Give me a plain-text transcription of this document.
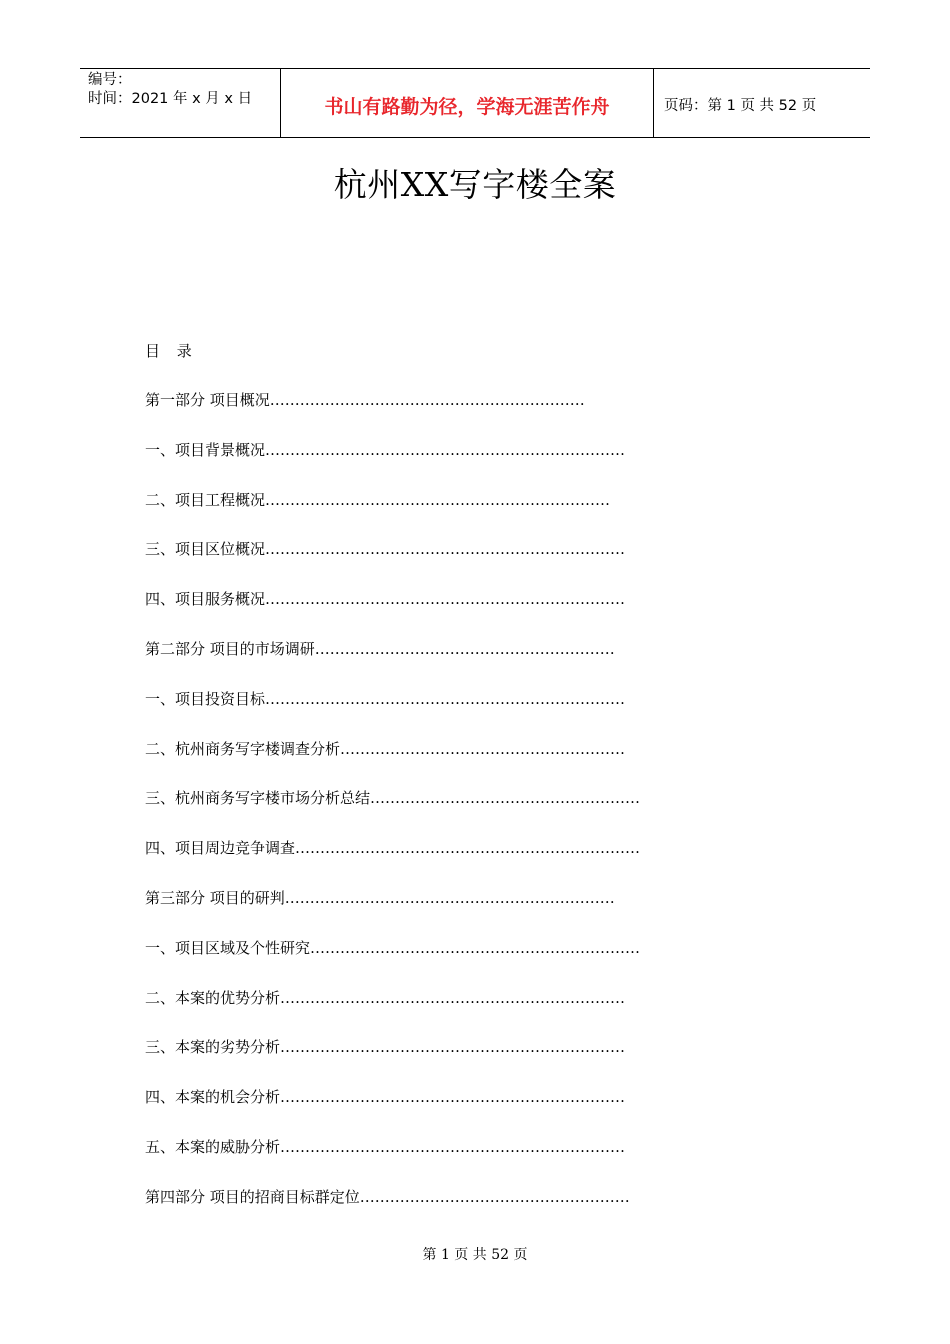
编号：
时间：2021 年 x 月 x 日	书山有路勤为径，学海无涯苦作舟	页码：第 1 页 共 52 页
杭州XX写字楼全案
目 录
第一部分 项目概况………………………………………………………
一、项目背景概况………………………………………………………………
二、项目工程概况……………………………………………………………
三、项目区位概况………………………………………………………………
四、项目服务概况………………………………………………………………
第二部分 项目的市场调研……………………………………………………
一、项目投资目标………………………………………………………………
二、杭州商务写字楼调查分析…………………………………………………
三、杭州商务写字楼市场分析总结………………………………………………
四、项目周边竞争调查……………………………………………………………
第三部分 项目的研判…………………………………………………………
一、项目区域及个性研究…………………………………………………………
二、本案的优势分析……………………………………………………………
三、本案的劣势分析……………………………………………………………
四、本案的机会分析……………………………………………………………
五、本案的威胁分析……………………………………………………………
第四部分 项目的招商目标群定位………………………………………………
第 1 页 共 52 页
